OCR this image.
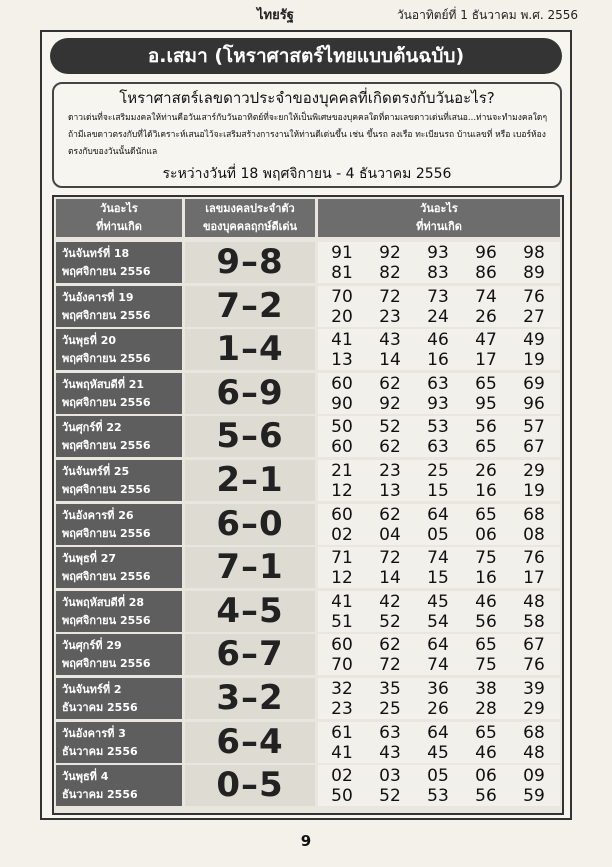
ไทยรัฐ	วันอาทิตย์ที่ 1 ธันวาคม พ.ศ. 2556
อ.เสมา (โหราศาสตร์ไทยแบบต้นฉบับ)
โหราศาสตร์เลขดาวประจำของบุคคลที่เกิดตรงกับวันอะไร?
ดาวเด่นที่จะเสริมมงคลให้ท่านคือวันเสาร์กับวันอาทิตย์ที่จะยกให้เป็นพิเศษของบุคคลใดที่ตามเลขดาวเด่นที่เสนอ...ท่านจะทำมงคลใดๆ ถ้ามีเลขดาวตรงกับที่ได้วิเคราะห์เสนอไว้จะเสริมสร้างการงานให้ท่านดีเด่นขึ้น เช่น ขึ้นรถ ลงเรือ ทะเบียนรถ บ้านเลขที่ หรือ เบอร์ห้องตรงกับของวันนั้นดีนักแล
ระหว่างวันที่ 18 พฤศจิกายน - 4 ธันวาคม 2556
วันอะไร
ที่ท่านเกิด
เลขมงคลประจำตัว
ของบุคคลฤกษ์ดีเด่น
วันอะไร
ที่ท่านเกิด
วันจันทร์ที่ 18
พฤศจิกายน 2556	9–8	91	92	93	96	98
81	82	83	86	89
วันอังคารที่ 19
พฤศจิกายน 2556	7–2	70	72	73	74	76
20	23	24	26	27
วันพุธที่ 20
พฤศจิกายน 2556	1–4	41	43	46	47	49
13	14	16	17	19
วันพฤหัสบดีที่ 21
พฤศจิกายน 2556	6–9	60	62	63	65	69
90	92	93	95	96
วันศุกร์ที่ 22
พฤศจิกายน 2556	5–6	50	52	53	56	57
60	62	63	65	67
วันจันทร์ที่ 25
พฤศจิกายน 2556	2–1	21	23	25	26	29
12	13	15	16	19
วันอังคารที่ 26
พฤศจิกายน 2556	6–0	60	62	64	65	68
02	04	05	06	08
วันพุธที่ 27
พฤศจิกายน 2556	7–1	71	72	74	75	76
12	14	15	16	17
วันพฤหัสบดีที่ 28
พฤศจิกายน 2556	4–5	41	42	45	46	48
51	52	54	56	58
วันศุกร์ที่ 29
พฤศจิกายน 2556	6–7	60	62	64	65	67
70	72	74	75	76
วันจันทร์ที่ 2
ธันวาคม 2556	3–2	32	35	36	38	39
23	25	26	28	29
วันอังคารที่ 3
ธันวาคม 2556	6–4	61	63	64	65	68
41	43	45	46	48
วันพุธที่ 4
ธันวาคม 2556	0–5	02	03	05	06	09
50	52	53	56	59
9
